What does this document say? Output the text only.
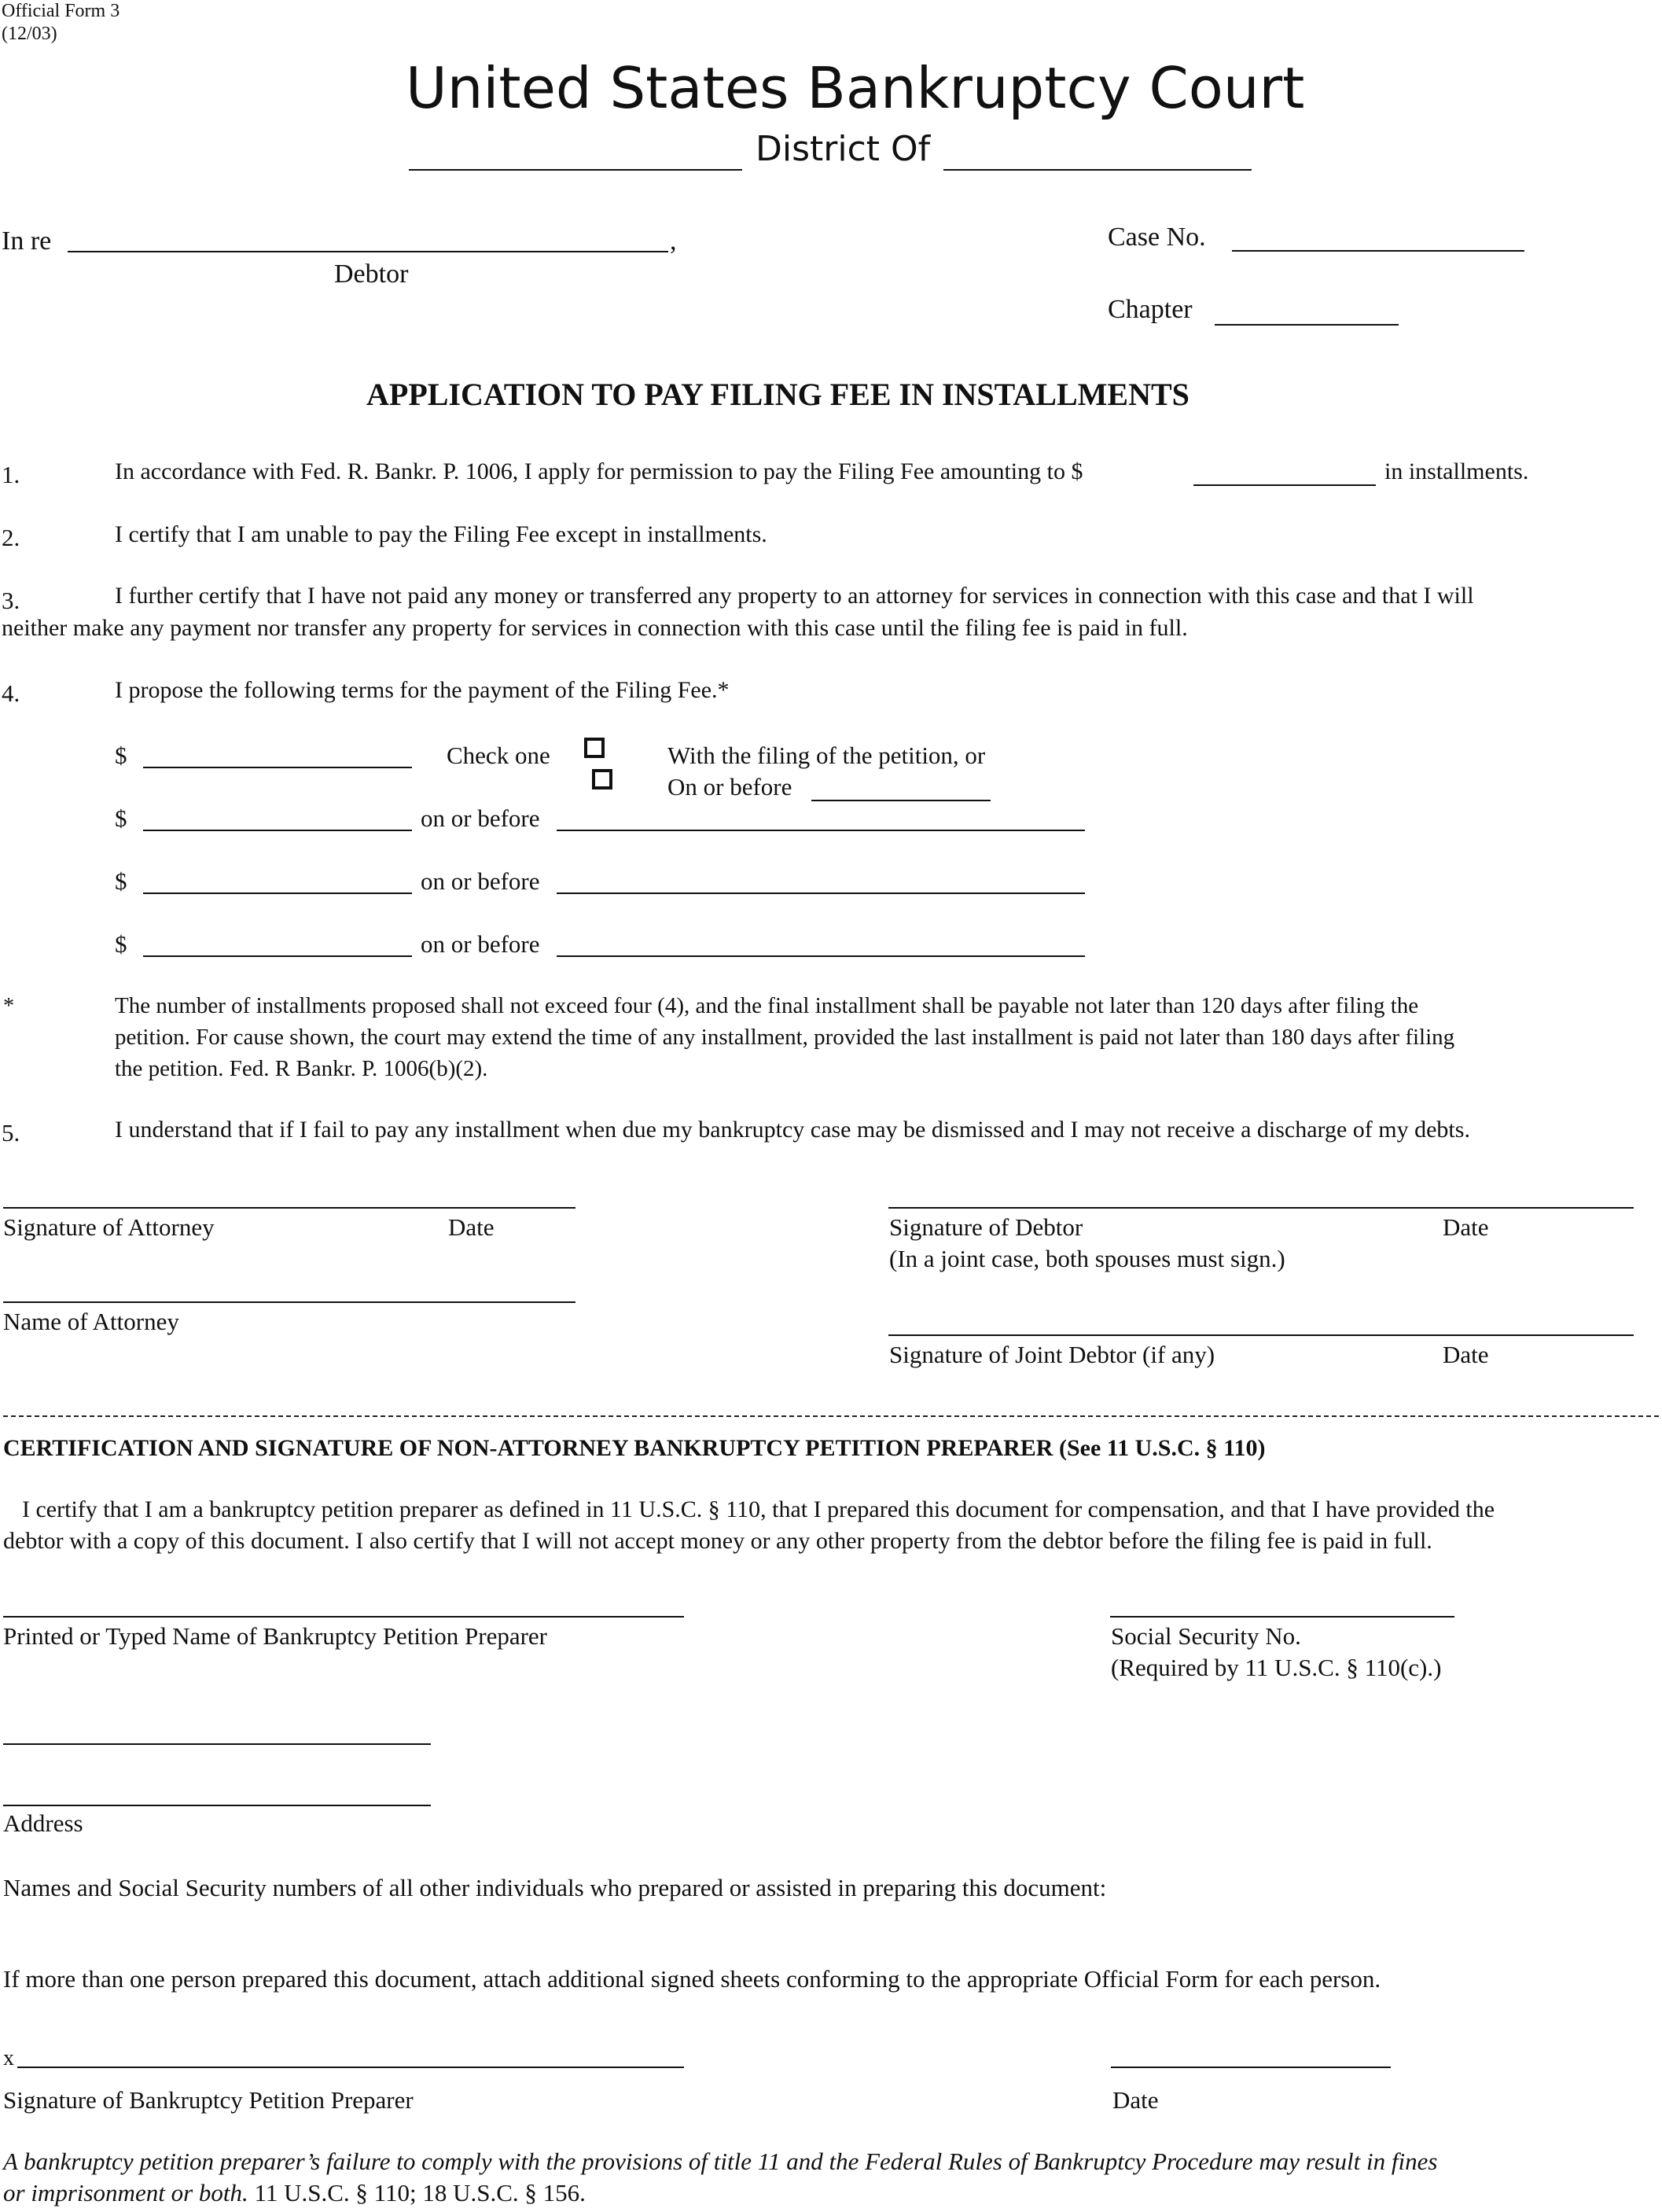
Official Form 3
(12/03)
United States Bankruptcy Court
District Of
In re	,
Debtor
Case No.
Chapter
APPLICATION TO PAY FILING FEE IN INSTALLMENTS
1.	In accordance with Fed. R. Bankr. P. 1006, I apply for permission to pay the Filing Fee amounting to $	in installments.
2.	I certify that I am unable to pay the Filing Fee except in installments.
3.	I further certify that I have not paid any money or transferred any property to an attorney for services in connection with this case and that I will
neither make any payment nor transfer any property for services in connection with this case until the filing fee is paid in full.
4.	I propose the following terms for the payment of the Filing Fee.*
$	Check one	With the filing of the petition, or
On or before
$	on or before
$	on or before
$	on or before
*	The number of installments proposed shall not exceed four (4), and the final installment shall be payable not later than 120 days after filing the
petition. For cause shown, the court may extend the time of any installment, provided the last installment is paid not later than 180 days after filing
the petition. Fed. R Bankr. P. 1006(b)(2).
5.	I understand that if I fail to pay any installment when due my bankruptcy case may be dismissed and I may not receive a discharge of my debts.
Signature of Attorney	Date	Signature of Debtor	Date
(In a joint case, both spouses must sign.)
Name of Attorney
Signature of Joint Debtor (if any)	Date
CERTIFICATION AND SIGNATURE OF NON-ATTORNEY BANKRUPTCY PETITION PREPARER (See 11 U.S.C. § 110)
I certify that I am a bankruptcy petition preparer as defined in 11 U.S.C. § 110, that I prepared this document for compensation, and that I have provided the
debtor with a copy of this document. I also certify that I will not accept money or any other property from the debtor before the filing fee is paid in full.
Printed or Typed Name of Bankruptcy Petition Preparer	Social Security No.
(Required by 11 U.S.C. § 110(c).)
Address
Names and Social Security numbers of all other individuals who prepared or assisted in preparing this document:
If more than one person prepared this document, attach additional signed sheets conforming to the appropriate Official Form for each person.
x
Signature of Bankruptcy Petition Preparer	Date
A bankruptcy petition preparer’s failure to comply with the provisions of title 11 and the Federal Rules of Bankruptcy Procedure may result in fines
or imprisonment or both. 11 U.S.C. § 110; 18 U.S.C. § 156.
